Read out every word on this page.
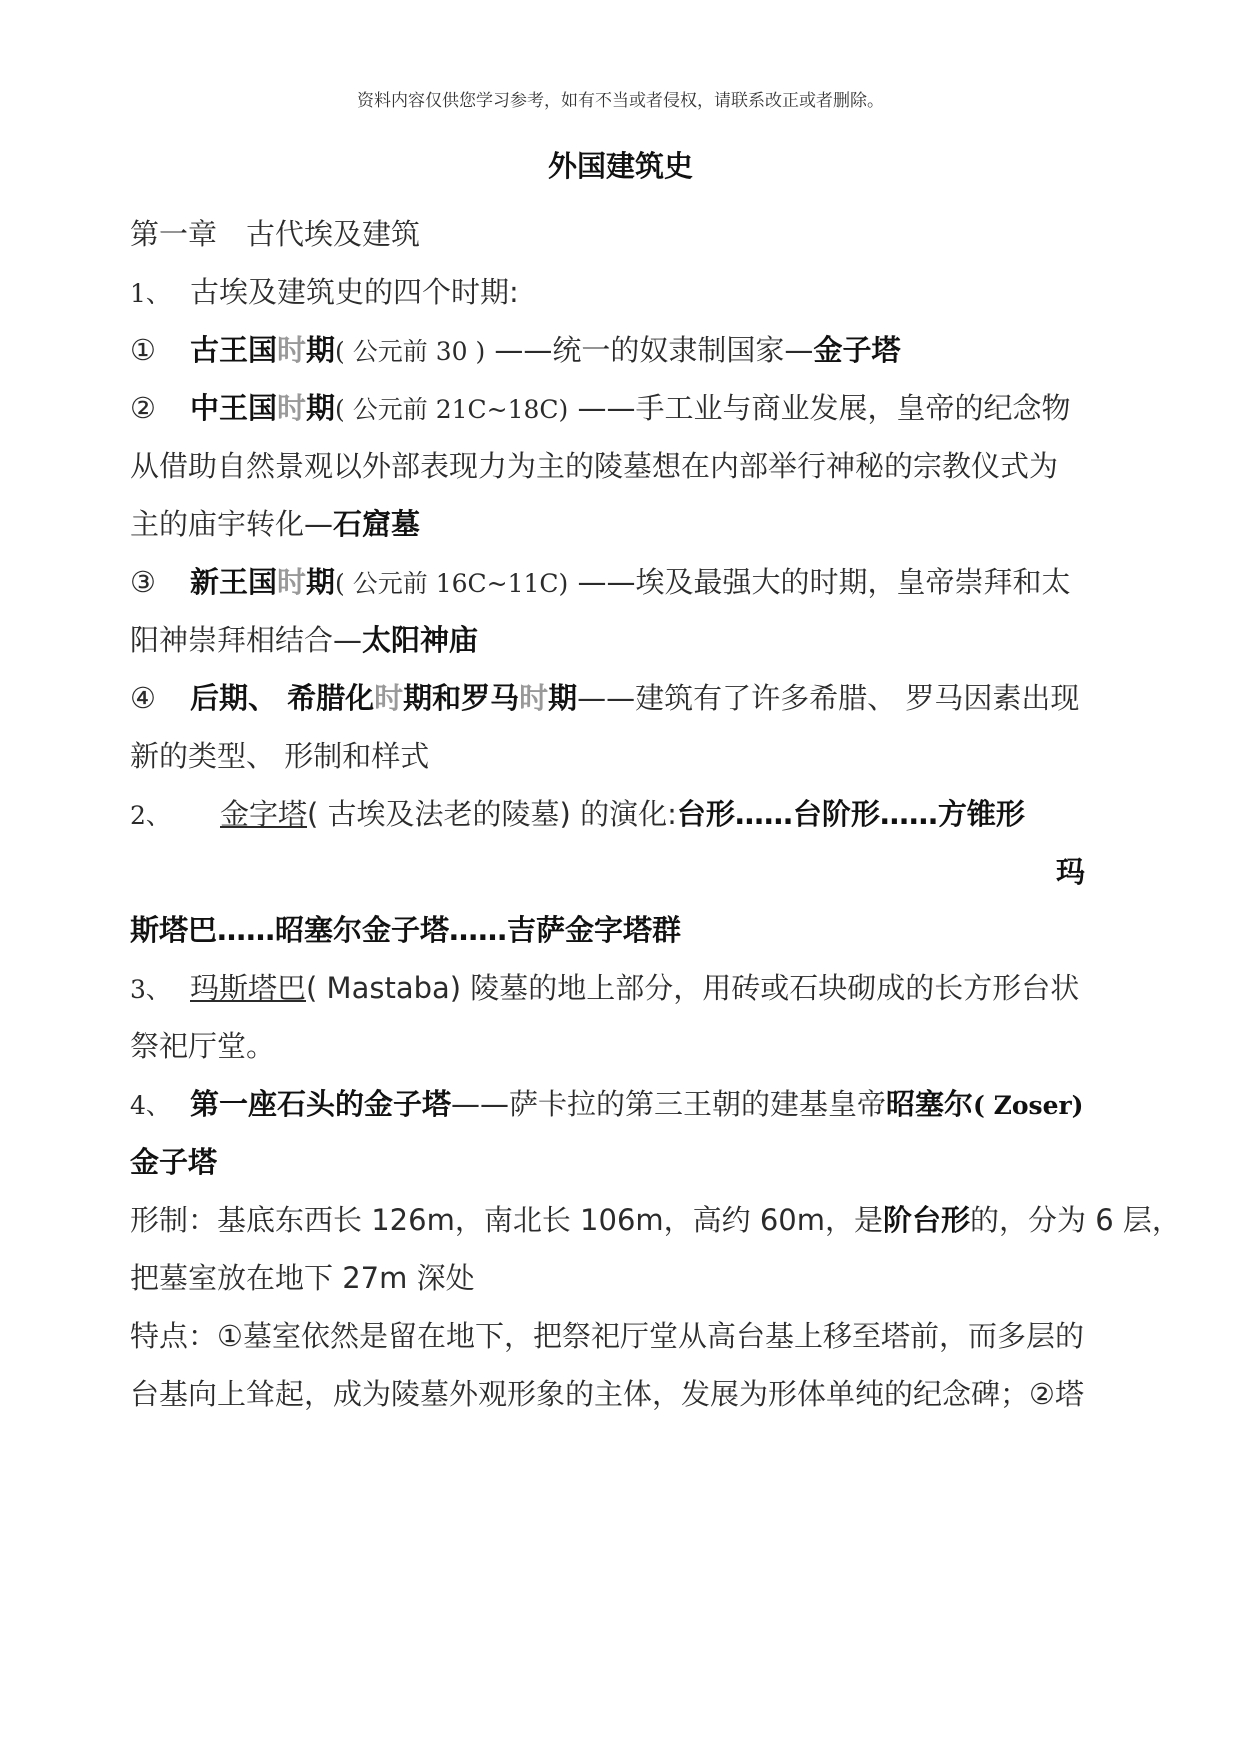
资料内容仅供您学习参考，如有不当或者侵权，请联系改正或者删除。
外国建筑史
第一章　古代埃及建筑
1、 古埃及建筑史的四个时期:
① 古王国时期( 公元前 30 ) ——统一的奴隶制国家—金子塔
② 中王国时期( 公元前 21C~18C) ——手工业与商业发展，皇帝的纪念物
从借助自然景观以外部表现力为主的陵墓想在内部举行神秘的宗教仪式为
主的庙宇转化—石窟墓
③ 新王国时期( 公元前 16C~11C) ——埃及最强大的时期，皇帝崇拜和太
阳神崇拜相结合—太阳神庙
④ 后期、 希腊化时期和罗马时期——建筑有了许多希腊、 罗马因素出现
新的类型、 形制和样式
2、 金字塔( 古埃及法老的陵墓) 的演化:台形……台阶形……方锥形
玛
斯塔巴……昭塞尔金子塔……吉萨金字塔群
3、 玛斯塔巴( Mastaba) 陵墓的地上部分，用砖或石块砌成的长方形台状
祭祀厅堂。
4、 第一座石头的金子塔——萨卡拉的第三王朝的建基皇帝昭塞尔( Zoser)
金子塔
形制：基底东西长 126m，南北长 106m，高约 60m，是阶台形的，分为 6 层，
把墓室放在地下 27m 深处
特点：①墓室依然是留在地下，把祭祀厅堂从高台基上移至塔前，而多层的
台基向上耸起，成为陵墓外观形象的主体，发展为形体单纯的纪念碑；②塔
